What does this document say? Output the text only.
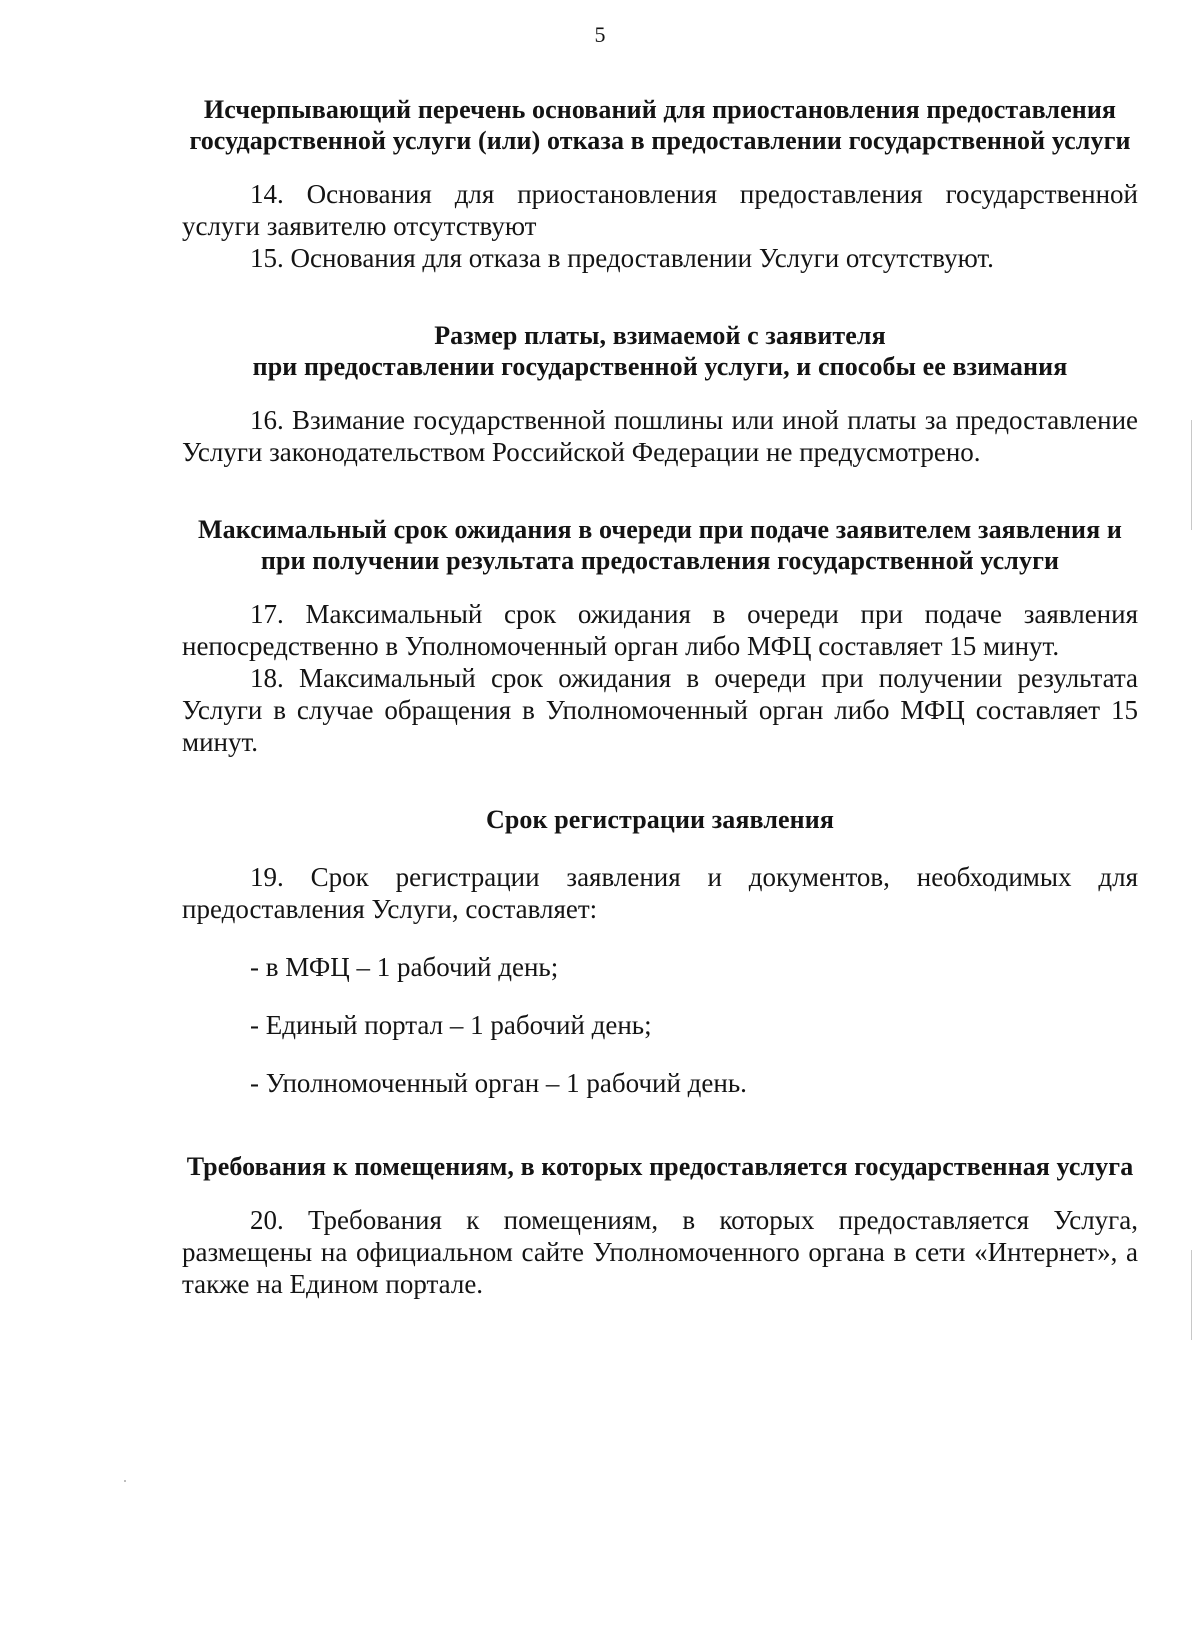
5
Исчерпывающий перечень оснований для приостановления предоставления государственной услуги (или) отказа в предоставлении государственной услуги

14. Основания для приостановления предоставления государственной услуги заявителю отсутствуют

15. Основания для отказа в предоставлении Услуги отсутствуют.

Размер платы, взимаемой с заявителя
при предоставлении государственной услуги, и способы ее взимания

16. Взимание государственной пошлины или иной платы за предоставление Услуги законодательством Российской Федерации не предусмотрено.

Максимальный срок ожидания в очереди при подаче заявителем заявления и при получении результата предоставления государственной услуги

17. Максимальный срок ожидания в очереди при подаче заявления непосредственно в Уполномоченный орган либо МФЦ составляет 15 минут.

18. Максимальный срок ожидания в очереди при получении результата Услуги в случае обращения в Уполномоченный орган либо МФЦ составляет 15 минут.

Срок регистрации заявления

19. Срок регистрации заявления и документов, необходимых для предоставления Услуги, составляет:

- в МФЦ – 1 рабочий день;

- Единый портал – 1 рабочий день;

- Уполномоченный орган – 1 рабочий день.

Требования к помещениям, в которых предоставляется государственная услуга

20. Требования к помещениям, в которых предоставляется Услуга, размещены на официальном сайте Уполномоченного органа в сети «Интернет», а также на Едином портале.
